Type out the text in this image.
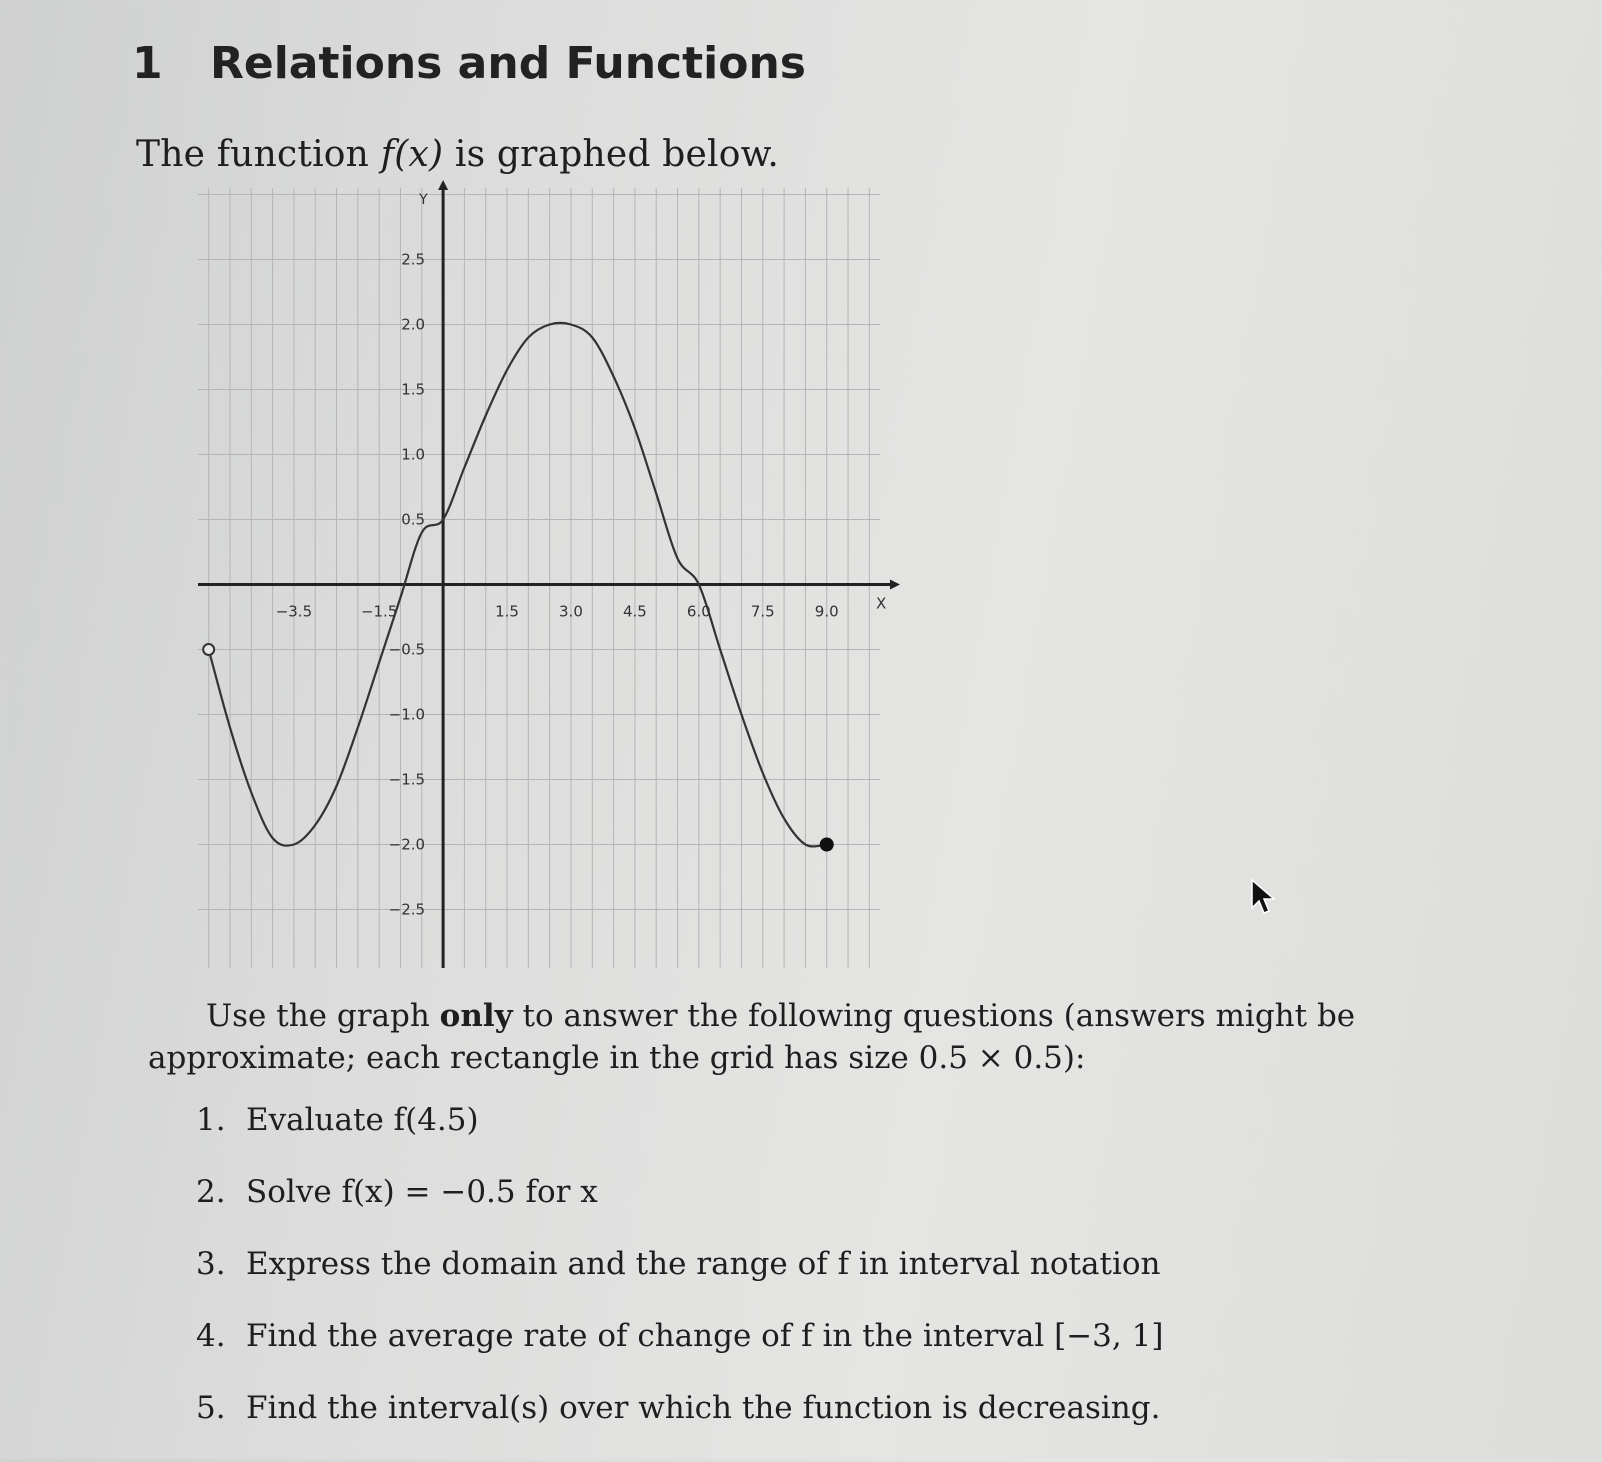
1 Relations and Functions

The function f(x) is graphed below.

X
Y
−3.5	−1.5	1.5	3.0	4.5	6.0	7.5	9.0
2.5
2.0
1.5
1.0
0.5
−0.5
−1.0
−1.5
−2.0
−2.5

Use the graph only to answer the following questions (answers might be approximate; each rectangle in the grid has size 0.5 × 0.5):

1. Evaluate f(4.5)
2. Solve f(x) = −0.5 for x
3. Express the domain and the range of f in interval notation
4. Find the average rate of change of f in the interval [−3, 1]
5. Find the interval(s) over which the function is decreasing.
